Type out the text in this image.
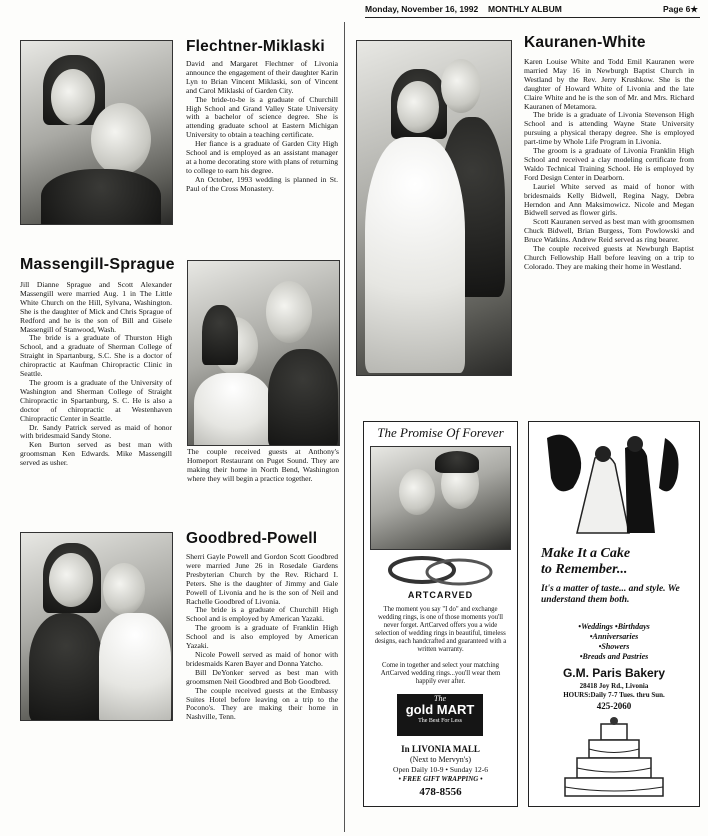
Monday, November 16, 1992 MONTHLY ALBUM	Page 6★
Flechtner-Miklaski

David and Margaret Flechtner of Livonia announce the engagement of their daughter Karin Lyn to Brian Vincent Miklaski, son of Vincent and Carol Miklaski of Garden City.

The bride-to-be is a graduate of Churchill High School and Grand Valley State University with a bachelor of science degree. She is attending graduate school at Eastern Michigan University to obtain a teaching certificate.

Her fiance is a graduate of Garden City High School and is employed as an assistant manager at a home decorating store with plans of returning to college to earn his degree.

An October, 1993 wedding is planned in St. Paul of the Cross Monastery.

Massengill-Sprague

Jill Dianne Sprague and Scott Alexander Massengill were married Aug. 1 in The Little White Church on the Hill, Sylvana, Washington. She is the daughter of Mick and Chris Sprague of Redford and he is the son of Bill and Gisele Massengill of Stanwood, Wash.

The bride is a graduate of Thurston High School, and a graduate of Sherman College of Straight in Spartanburg, S.C. She is a doctor of chiropractic at Kaufman Chiropractic Clinic in Seattle.

The groom is a graduate of the University of Washington and Sherman College of Straight Chiropractic in Spartanburg, S. C. He is also a doctor of chiropractic at Westenhaven Chiropractic Center in Seattle.

Dr. Sandy Patrick served as maid of honor with bridesmaid Sandy Stone.

Ken Burton served as best man with groomsman Ken Edwards. Mike Massengill served as usher.

The couple received guests at Anthony's Homeport Restaurant on Puget Sound. They are making their home in North Bend, Washington where they will begin a practice together.

Goodbred-Powell

Sherri Gayle Powell and Gordon Scott Goodbred were married June 26 in Rosedale Gardens Presbyterian Church by the Rev. Richard I. Peters. She is the daughter of Jimmy and Gale Powell of Livonia and he is the son of Neil and Rachelle Goodbred of Livonia.

The bride is a graduate of Churchill High School and is employed by American Yazaki.

The groom is a graduate of Franklin High School and is also employed by American Yazaki.

Nicole Powell served as maid of honor with bridesmaids Karen Bayer and Donna Yatcho.

Bill DeYonker served as best man with groomsmen Neil Goodbred and Bob Goodbred.

The couple received guests at the Embassy Suites Hotel before leaving on a trip to the Pocono's. They are making their home in Nashville, Tenn.

Kauranen-White

Karen Louise White and Todd Emil Kauranen were married May 16 in Newburgh Baptist Church in Westland by the Rev. Jerry Krushkow. She is the daughter of Howard White of Livonia and the late Claire White and he is the son of Mr. and Mrs. Richard Kauranen of Metamora.

The bride is a graduate of Livonia Stevenson High School and is attending Wayne State University pursuing a physical therapy degree. She is employed part-time by Whole Life Program in Livonia.

The groom is a graduate of Livonia Franklin High School and received a clay modeling certificate from Waldo Technical Training School. He is employed by Ford Design Center in Dearborn.

Lauriel White served as maid of honor with bridesmaids Kelly Bidwell, Regina Nagy, Debra Herndon and Ann Maksimowicz. Nicole and Megan Bidwell served as flower girls.

Scott Kauranen served as best man with groomsmen Chuck Bidwell, Brian Burgess, Tom Powlowski and Bruce Watkins. Andrew Reid served as ring bearer.

The couple received guests at Newburgh Baptist Church Fellowship Hall before leaving on a trip to Colorado. They are making their home in Westland.

The Promise Of Forever
ARTCARVED
The moment you say "I do" and exchange wedding rings, is one of those moments you'll never forget. ArtCarved offers you a wide selection of wedding rings in beautiful, timeless designs, each handcrafted and guaranteed with a written warranty.
Come in together and select your matching ArtCarved wedding rings...you'll wear them happily ever after.
The
gold MART
The Best For Less
In LIVONIA MALL
(Next to Mervyn's)
Open Daily 10-9 • Sunday 12-6
• FREE GIFT WRAPPING •
478-8556
Make It a Cake
to Remember...
It's a matter of taste... and style. We understand them both.
•Weddings •Birthdays
•Anniversaries
•Showers
•Breads and Pastries
G.M. Paris Bakery
28418 Joy Rd., Livonia
HOURS:Daily 7-7 Tues. thru Sun.
425-2060
